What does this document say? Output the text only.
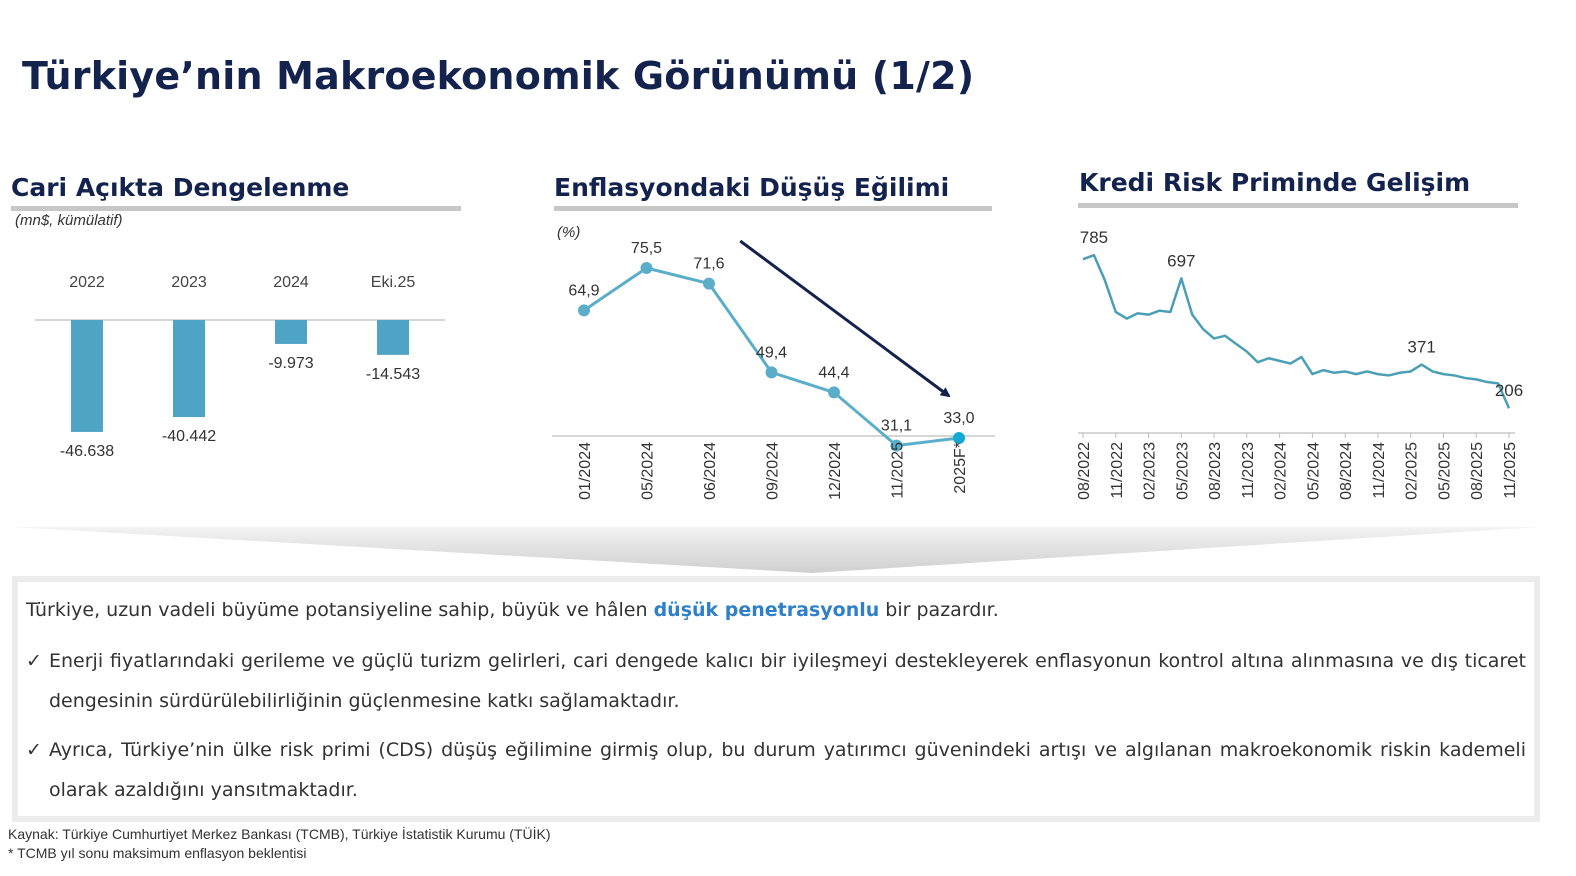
Türkiye’nin Makroekonomik Görünümü (1/2)
Cari Açıkta Dengelenme
(mn$, kümülatif)
2022
-46.638
2023
-40.442
2024
-9.973
Eki.25
-14.543
Enflasyondaki Düşüş Eğilimi
(%)
64,9
01/2024
75,5
05/2024
71,6
06/2024
49,4
09/2024
44,4
12/2024
31,1
11/2025
33,0
2025F*
Kredi Risk Priminde Gelişim
785
697
371
206
08/2022 11/2022 02/2023 05/2023 08/2023 11/2023 02/2024 05/2024 08/2024 11/2024 02/2025 05/2025 08/2025 11/2025
Türkiye, uzun vadeli büyüme potansiyeline sahip, büyük ve hâlen düşük penetrasyonlu bir pazardır.
✓ Enerji fiyatlarındaki gerileme ve güçlü turizm gelirleri, cari dengede kalıcı bir iyileşmeyi destekleyerek enflasyonun kontrol altına alınmasına ve dış ticaret dengesinin sürdürülebilirliğinin güçlenmesine katkı sağlamaktadır.
✓ Ayrıca, Türkiye’nin ülke risk primi (CDS) düşüş eğilimine girmiş olup, bu durum yatırımcı güvenindeki artışı ve algılanan makroekonomik riskin kademeli olarak azaldığını yansıtmaktadır.
Kaynak: Türkiye Cumhurtiyet Merkez Bankası (TCMB), Türkiye İstatistik Kurumu (TÜİK)
* TCMB yıl sonu maksimum enflasyon beklentisi
